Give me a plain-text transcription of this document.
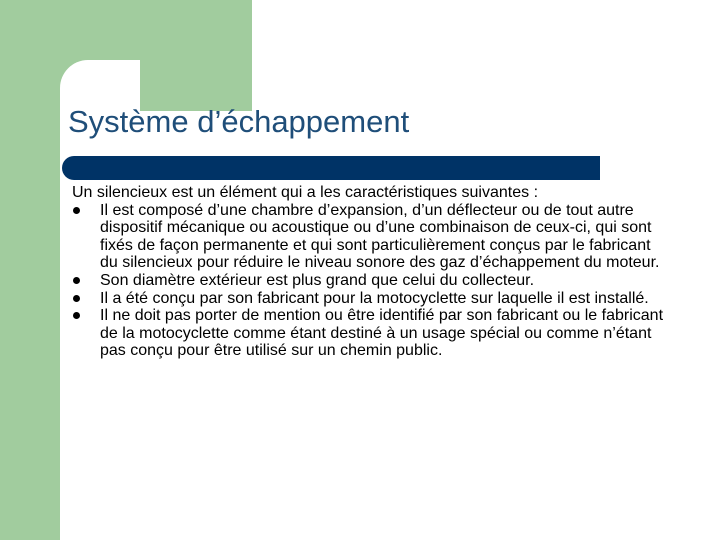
Système d’échappement

Un silencieux est un élément qui a les caractéristiques suivantes :

Il est composé d’une chambre d’expansion, d’un déflecteur ou de tout autre dispositif mécanique ou acoustique ou d’une combinaison de ceux-ci, qui sont fixés de façon permanente et qui sont particulièrement conçus par le fabricant du silencieux pour réduire le niveau sonore des gaz d’échappement du moteur.
Son diamètre extérieur est plus grand que celui du collecteur.
Il a été conçu par son fabricant pour la motocyclette sur laquelle il est installé.
Il ne doit pas porter de mention ou être identifié par son fabricant ou le fabricant de la motocyclette comme étant destiné à un usage spécial ou comme n’étant pas conçu pour être utilisé sur un chemin public.
